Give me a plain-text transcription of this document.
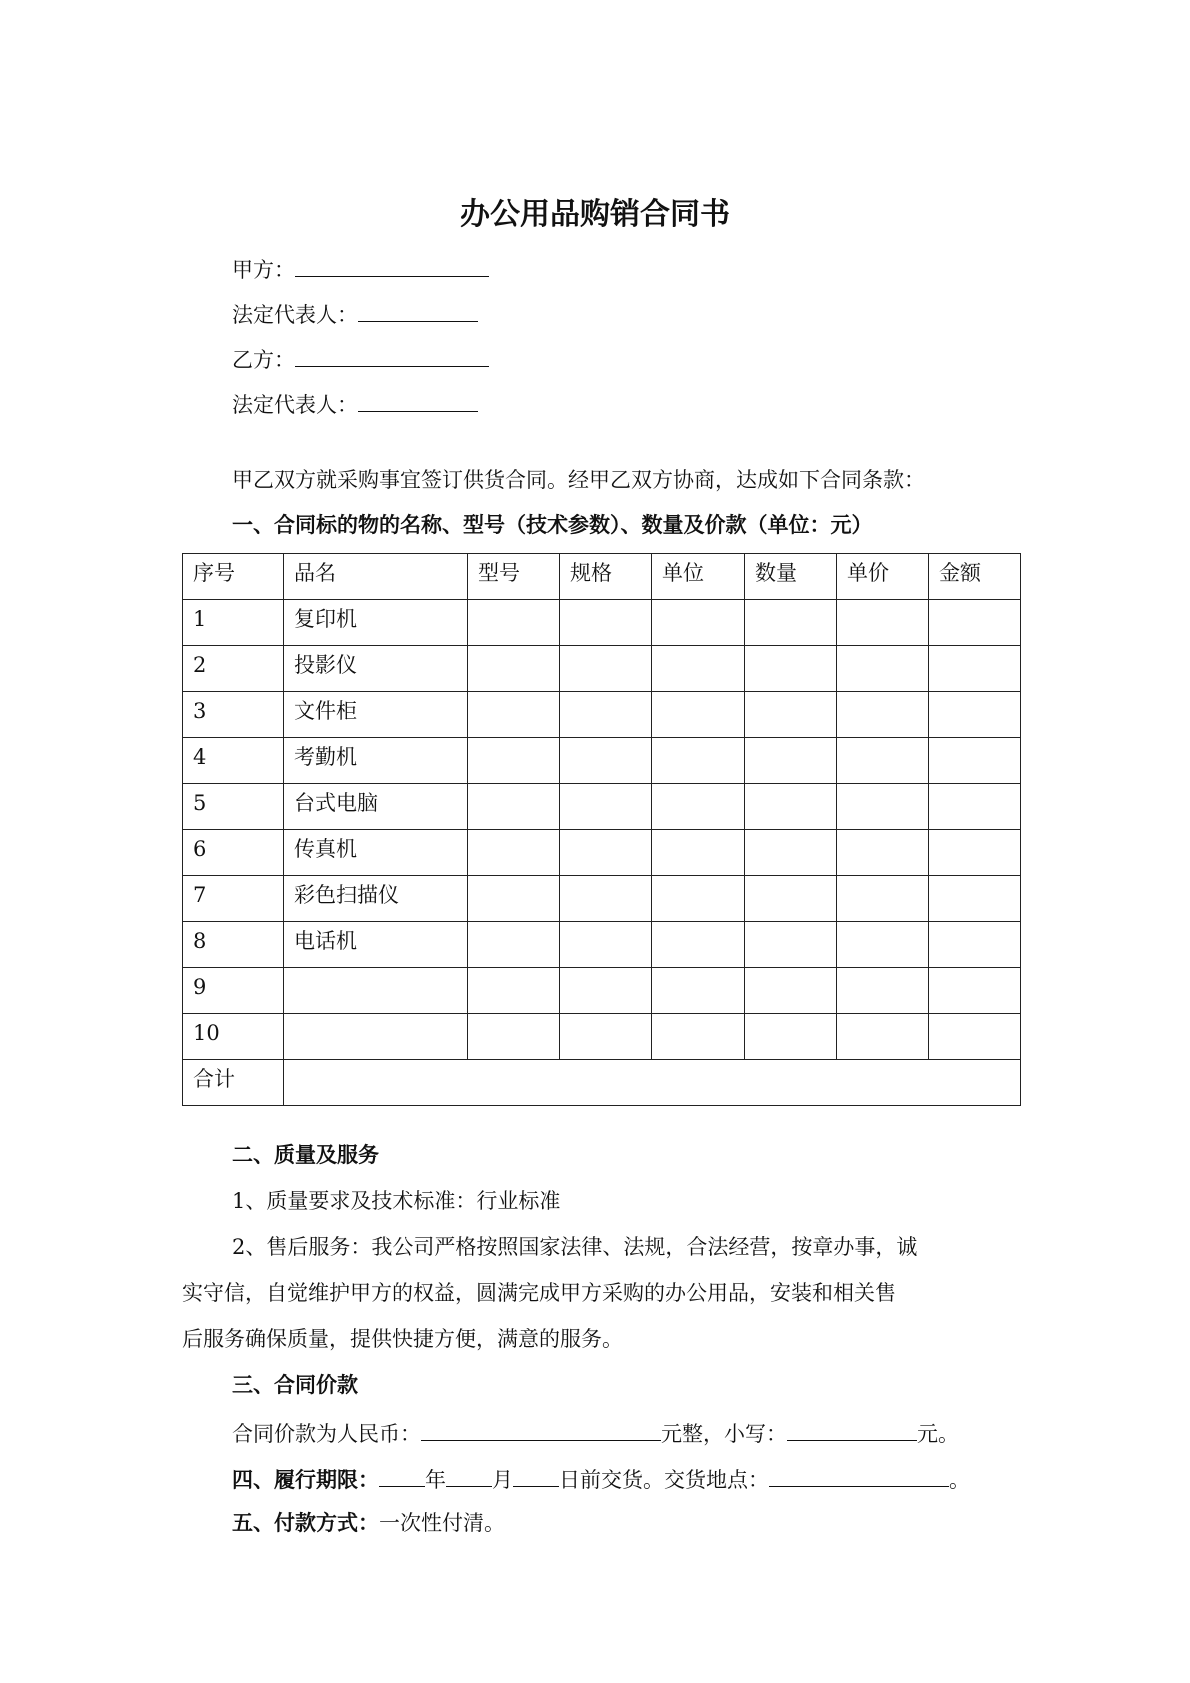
办公用品购销合同书
甲方：
法定代表人：
乙方：
法定代表人：
甲乙双方就采购事宜签订供货合同。经甲乙双方协商，达成如下合同条款：
一、合同标的物的名称、型号（技术参数）、数量及价款（单位：元）
序号	品名	型号	规格	单位	数量	单价	金额
1	复印机						
2	投影仪						
3	文件柜						
4	考勤机						
5	台式电脑						
6	传真机						
7	彩色扫描仪						
8	电话机						
9							
10							
合计							
二、质量及服务
1、质量要求及技术标准：行业标准
2、售后服务：我公司严格按照国家法律、法规，合法经营，按章办事，诚
实守信，自觉维护甲方的权益，圆满完成甲方采购的办公用品，安装和相关售
后服务确保质量，提供快捷方便，满意的服务。
三、合同价款
合同价款为人民币：	元整，小写：	元。
四、履行期限： 年 月 日前交货。交货地点：	。
五、付款方式：一次性付清。
